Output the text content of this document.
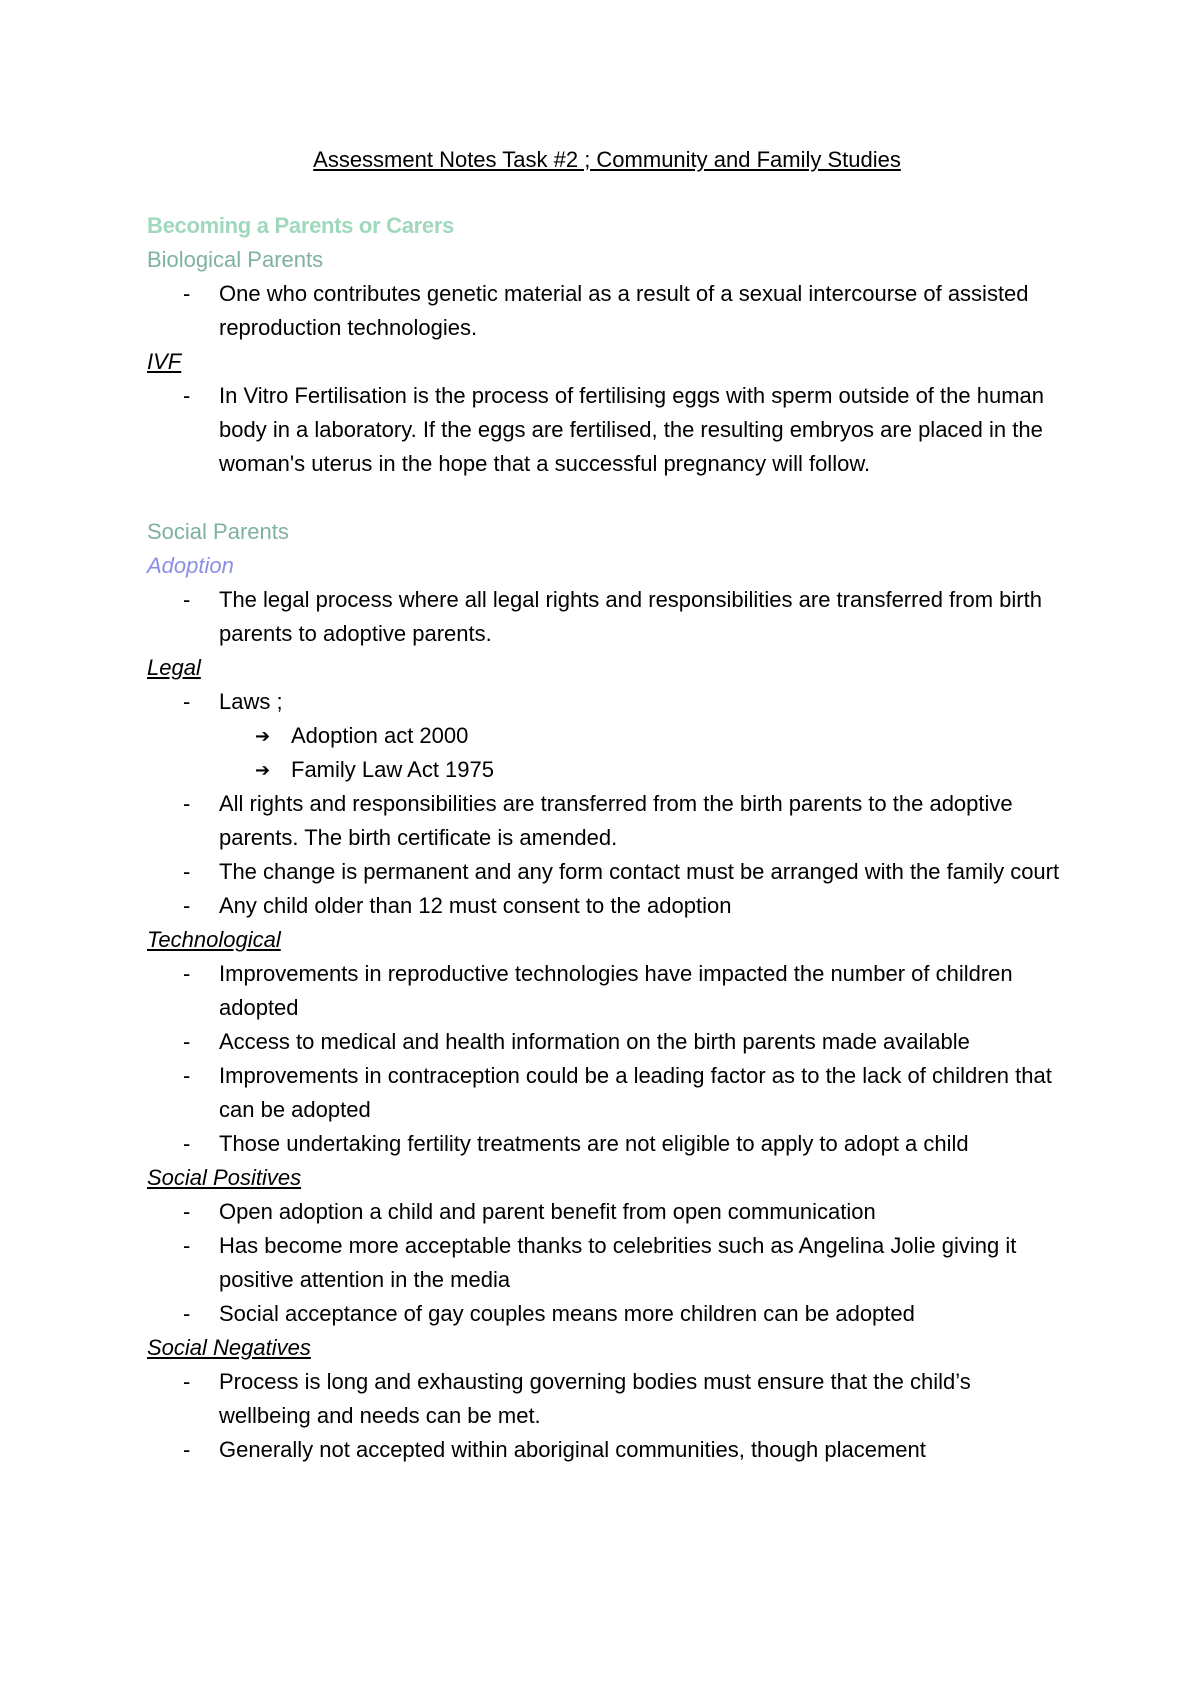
Assessment Notes Task #2 ; Community and Family Studies
Becoming a Parents or Carers
Biological Parents
- One who contributes genetic material as a result of a sexual intercourse of assisted reproduction technologies.
IVF
- In Vitro Fertilisation is the process of fertilising eggs with sperm outside of the human body in a laboratory. If the eggs are fertilised, the resulting embryos are placed in the woman's uterus in the hope that a successful pregnancy will follow.
Social Parents
Adoption
- The legal process where all legal rights and responsibilities are transferred from birth parents to adoptive parents.
Legal
- Laws ;
➔ Adoption act 2000
➔ Family Law Act 1975
- All rights and responsibilities are transferred from the birth parents to the adoptive parents. The birth certificate is amended.
- The change is permanent and any form contact must be arranged with the family court
- Any child older than 12 must consent to the adoption
Technological
- Improvements in reproductive technologies have impacted the number of children adopted
- Access to medical and health information on the birth parents made available
- Improvements in contraception could be a leading factor as to the lack of children that can be adopted
- Those undertaking fertility treatments are not eligible to apply to adopt a child
Social Positives
- Open adoption a child and parent benefit from open communication
- Has become more acceptable thanks to celebrities such as Angelina Jolie giving it positive attention in the media
- Social acceptance of gay couples means more children can be adopted
Social Negatives
- Process is long and exhausting governing bodies must ensure that the child’s wellbeing and needs can be met.
- Generally not accepted within aboriginal communities, though placement
